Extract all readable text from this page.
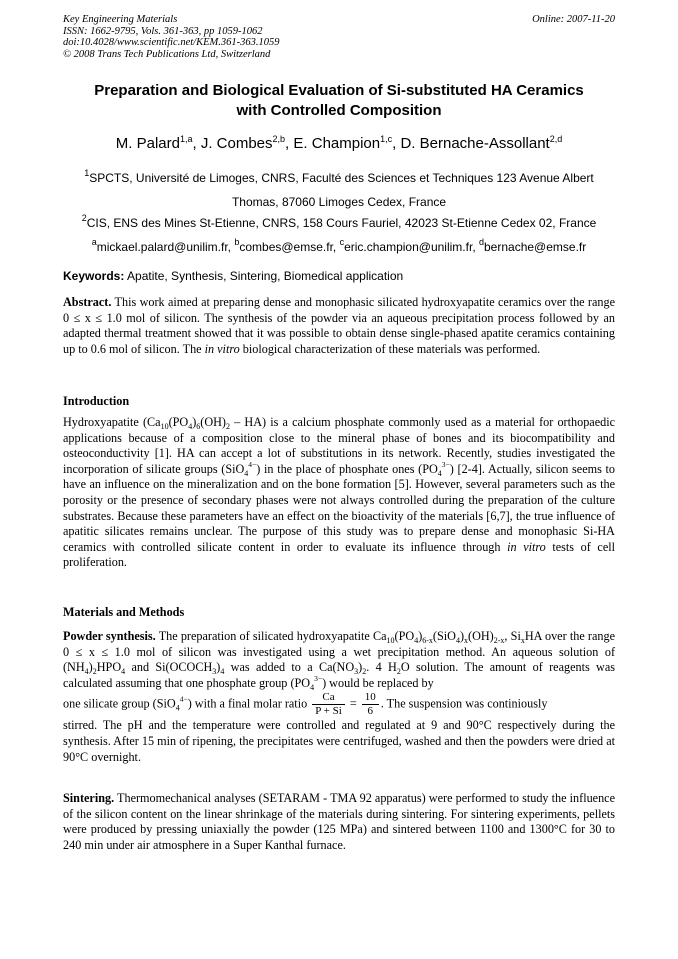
Key Engineering Materials
ISSN: 1662-9795, Vols. 361-363, pp 1059-1062
doi:10.4028/www.scientific.net/KEM.361-363.1059
© 2008 Trans Tech Publications Ltd, Switzerland
Online: 2007-11-20
Preparation and Biological Evaluation of Si-substituted HA Ceramics
with Controlled Composition
M. Palard$^{1,a}$, J. Combes$^{2,b}$, E. Champion$^{1,c}$, D. Bernache-Assollant$^{2,d}$
$^1$SPCTS, Université de Limoges, CNRS, Faculté des Sciences et Techniques 123 Avenue Albert
Thomas, 87060 Limoges Cedex, France
$^2$CIS, ENS des Mines St-Etienne, CNRS, 158 Cours Fauriel, 42023 St-Etienne Cedex 02, France
$^a$mickael.palard@unilim.fr, $^b$combes@emse.fr, $^c$eric.champion@unilim.fr, $^d$bernache@emse.fr
Keywords: Apatite, Synthesis, Sintering, Biomedical application
Abstract. This work aimed at preparing dense and monophasic silicated hydroxyapatite ceramics over the range 0 ≤ x ≤ 1.0 mol of silicon. The synthesis of the powder via an aqueous precipitation process followed by an adapted thermal treatment showed that it was possible to obtain dense single-phased apatite ceramics containing up to 0.6 mol of silicon. The in vitro biological characterization of these materials was performed.
Introduction
Hydroxyapatite $(Ca_{10}(PO_4)_6(OH)_2 - HA)$ is a calcium phosphate commonly used as a material for orthopaedic applications because of a composition close to the mineral phase of bones and its biocompatibility and osteoconductivity [1]. HA can accept a lot of substitutions in its network. Recently, studies investigated the incorporation of silicate groups (SiO$_4^{4-}$) in the place of phosphate ones $(PO_4^{3-})$ [2-4]. Actually, silicon seems to have an influence on the mineralization and on the bone formation [5]. However, several parameters such as the porosity or the presence of secondary phases were not always controlled during the preparation of the culture substrates. Because these parameters have an effect on the bioactivity of the materials [6,7], the true influence of apatitic silicates remains unclear. The purpose of this study was to prepare dense and monophasic Si-HA ceramics with controlled silicate content in order to evaluate its influence through in vitro tests of cell proliferation.
Materials and Methods
Powder synthesis. The preparation of silicated hydroxyapatite $Ca_{10}(PO_4)_{6-x}(SiO_4)_x(OH)_{2-x}$, $Si_xHA$ over the range 0 ≤ x ≤ 1.0 mol of silicon was investigated using a wet precipitation method. An aqueous solution of $(NH_4)_2HPO_4$ and $Si(OCOCH_3)_4$ was added to a $Ca(NO_3)_2$. 4 $H_2O$ solution. The amount of reagents was calculated assuming that one phosphate group $(PO_4^{3-})$ would be replaced by
one silicate group (SiO$_4^{4-}$) with a final molar ratio $\frac{Ca}{P + Si} = \frac{10}{6}$ . The suspension was continiously
stirred. The pH and the temperature were controlled and regulated at 9 and 90°C respectively during the synthesis. After 15 min of ripening, the precipitates were centrifuged, washed and then the powders were dried at 90°C overnight.
Sintering. Thermomechanical analyses (SETARAM - TMA 92 apparatus) were performed to study the influence of the silicon content on the linear shrinkage of the materials during sintering. For sintering experiments, pellets were produced by pressing uniaxially the powder (125 MPa) and sintered between 1100 and 1300°C for 30 to 240 min under air atmosphere in a Super Kanthal furnace.
